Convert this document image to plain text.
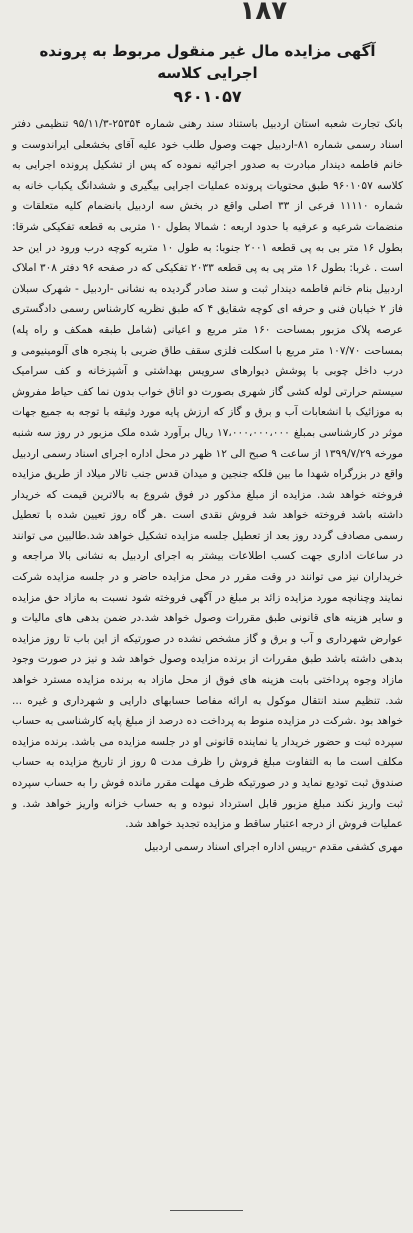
۱۸۷
آگهی مزایده مال غیر منقول مربوط به پرونده اجرایی کلاسه
۹۶۰۱۰۵۷

بانک تجارت شعبه استان اردبیل باستناد سند رهنی شماره ۲۵۳۵۴-۹۵/۱۱/۳ تنظیمی دفتر اسناد رسمی شماره ۸۱-اردبیل جهت وصول طلب خود علیه آقای بخشعلی ایراندوست و خانم فاطمه دیندار مبادرت به صدور اجرائیه نموده که پس از تشکیل پرونده اجرایی به کلاسه ۹۶۰۱۰۵۷ طبق محتویات پرونده عملیات اجرایی بیگیری و ششدانگ یکباب خانه به شماره ۱۱۱۱۰ فرعی از ۳۳ اصلی واقع در بخش سه اردبیل بانضمام کلیه متعلقات و منضمات شرعیه و عرفیه با حدود اربعه : شمالا بطول ۱۰ متربی به قطعه تفکیکی شرقا: بطول ۱۶ متر بی به پی قطعه ۲۰۰۱ جنوبا: به طول ۱۰ متربه کوچه درب ورود در این حد است . غربا: بطول ۱۶ متر پی به پی قطعه ۲۰۳۳ تفکیکی که در صفحه ۹۶ دفتر ۳۰۸ املاک اردبیل بنام خانم فاطمه دیندار ثبت و سند صادر گردیده به نشانی -اردبیل - شهرک سبلان فاز ۲ خیابان فنی و حرفه ای کوچه شقایق ۴ که طبق نظریه کارشناس رسمی دادگستری عرصه پلاک مزبور بمساحت ۱۶۰ متر مربع و اعیانی (شامل طبقه همکف و راه پله) بمساحت ۱۰۷/۷۰ متر مربع با اسکلت فلزی سقف طاق ضربی با پنجره های آلومینیومی و درب داخل چوبی با پوشش دیوارهای سرویس بهداشتی و آشپزخانه و کف سرامیک سیستم حرارتی لوله کشی گاز شهری بصورت دو اتاق خواب بدون نما کف حیاط مفروش به موزائیک با انشعابات آب و برق و گاز که ارزش پایه مورد وثیقه با توجه به جمیع جهات موثر در کارشناسی بمبلغ ۱۷،۰۰۰،۰۰۰،۰۰۰ ریال برآورد شده ملک مزبور در روز سه شنبه مورخه ۱۳۹۹/۷/۲۹ از ساعت ۹ صبح الی ۱۲ ظهر در محل اداره اجرای اسناد رسمی اردبیل واقع در بزرگراه شهدا ما بین فلکه جنجین و میدان قدس جنب تالار میلاد از طریق مزایده فروخته خواهد شد. مزایده از مبلغ مذکور در فوق شروع به بالاترین قیمت که خریدار داشته باشد فروخته خواهد شد فروش نقدی است .هر گاه روز تعیین شده با تعطیل رسمی مصادف گردد روز بعد از تعطیل جلسه مزایده تشکیل خواهد شد.طالبین می توانند در ساعات اداری جهت کسب اطلاعات بیشتر به اجرای اردبیل به نشانی بالا مراجعه و خریداران نیز می توانند در وقت مقرر در محل مزایده حاضر و در جلسه مزایده شرکت نمایند وچنانچه مورد مزایده زائد بر مبلغ در آگهی فروخته شود نسبت به مازاد حق مزایده و سایر هزینه های قانونی طبق مقررات وصول خواهد شد.در ضمن بدهی های مالیات و عوارض شهرداری و آب و برق و گاز مشخص نشده در صورتیکه از این باب تا روز مزایده بدهی داشته باشد طبق مقررات از برنده مزایده وصول خواهد شد و نیز در صورت وجود مازاد وجوه پرداختی بابت هزینه های فوق از محل مازاد به برنده مزایده مسترد خواهد شد. تنظیم سند انتقال موکول به ارائه مفاصا حسابهای دارایی و شهرداری و غیره ... خواهد بود .شرکت در مزایده منوط به پرداخت ده درصد از مبلغ پایه کارشناسی به حساب سپرده ثبت و حضور خریدار یا نماینده قانونی او در جلسه مزایده می باشد. برنده مزایده مکلف است ما به التفاوت مبلغ فروش را ظرف مدت ۵ روز از تاریخ مزایده به حساب صندوق ثبت تودیع نماید و در صورتیکه ظرف مهلت مقرر مانده فوش را به حساب سپرده ثبت واریز نکند مبلغ مزبور قابل استرداد نبوده و به حساب خزانه واریز خواهد شد. و عملیات فروش از درجه اعتبار ساقط و مزایده تجدید خواهد شد.

مهری کشفی مقدم -رییس اداره اجرای اسناد رسمی اردبیل
